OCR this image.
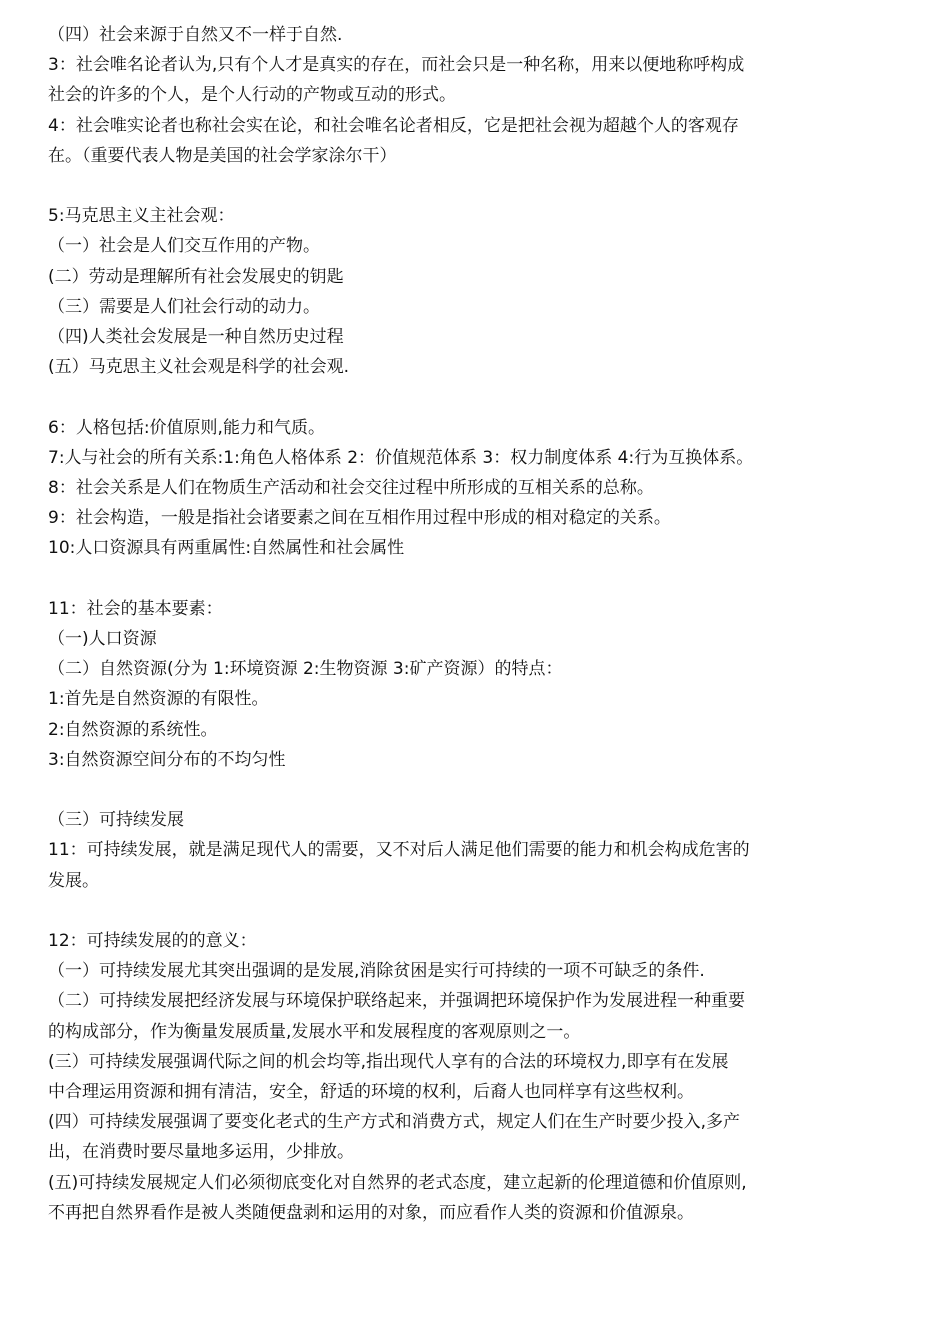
（四）社会来源于自然又不一样于自然.
3：社会唯名论者认为,只有个人才是真实的存在，而社会只是一种名称，用来以便地称呼构成
社会的许多的个人，是个人行动的产物或互动的形式。
4：社会唯实论者也称社会实在论，和社会唯名论者相反，它是把社会视为超越个人的客观存
在。（重要代表人物是美国的社会学家涂尔干）
5:马克思主义主社会观：
（一）社会是人们交互作用的产物。
(二）劳动是理解所有社会发展史的钥匙
（三）需要是人们社会行动的动力。
（四)人类社会发展是一种自然历史过程
(五）马克思主义社会观是科学的社会观.
6：人格包括:价值原则,能力和气质。
7:人与社会的所有关系:1:角色人格体系 2：价值规范体系 3：权力制度体系 4:行为互换体系。
8：社会关系是人们在物质生产活动和社会交往过程中所形成的互相关系的总称。
9：社会构造，一般是指社会诸要素之间在互相作用过程中形成的相对稳定的关系。
10:人口资源具有两重属性:自然属性和社会属性
11：社会的基本要素：
（一)人口资源
（二）自然资源(分为 1:环境资源 2:生物资源 3:矿产资源）的特点：
1:首先是自然资源的有限性。
2:自然资源的系统性。
3:自然资源空间分布的不均匀性
（三）可持续发展
11：可持续发展，就是满足现代人的需要，又不对后人满足他们需要的能力和机会构成危害的
发展。
12：可持续发展的的意义：
（一）可持续发展尤其突出强调的是发展,消除贫困是实行可持续的一项不可缺乏的条件.
（二）可持续发展把经济发展与环境保护联络起来，并强调把环境保护作为发展进程一种重要
的构成部分，作为衡量发展质量,发展水平和发展程度的客观原则之一。
(三）可持续发展强调代际之间的机会均等,指出现代人享有的合法的环境权力,即享有在发展
中合理运用资源和拥有清洁，安全，舒适的环境的权利，后裔人也同样享有这些权利。
(四）可持续发展强调了要变化老式的生产方式和消费方式，规定人们在生产时要少投入,多产
出，在消费时要尽量地多运用，少排放。
(五)可持续发展规定人们必须彻底变化对自然界的老式态度，建立起新的伦理道德和价值原则,
不再把自然界看作是被人类随便盘剥和运用的对象，而应看作人类的资源和价值源泉。
